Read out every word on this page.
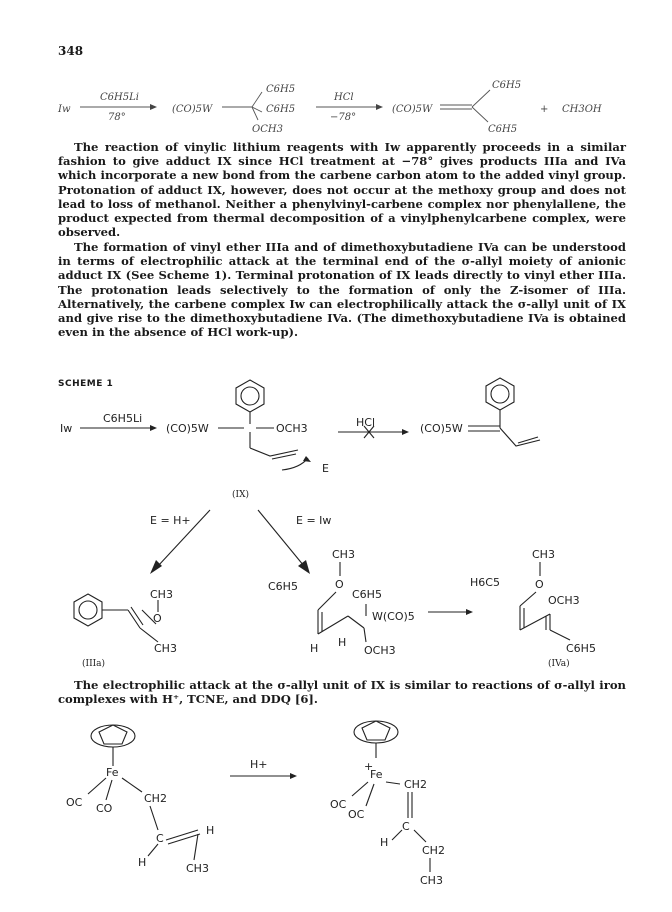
348
Iw
C6H5Li
78°
(CO)5W
C6H5
C6H5
OCH3
HCl
−78°
(CO)5W
C6H5
C6H5
+ CH3OH
Iw
C6H5Li
(CO)5W	OCH3
E
(IX)
HCl	(CO)5W
E = H+	E = Iw
CH3
O
CH3
(IIIa)
CH3
O
C6H5
C6H5
W(CO)5
H H
OCH3
CH3
O
H6C5
OCH3
C6H5
(IVa)
Fe
OC CO
CH2
C
H
H	CH3
H+	+
Fe
OC
OC
CH2
C
H
CH2
CH3
The reaction of vinylic lithium reagents with Iw apparently proceeds in a similar fashion to give adduct IX since HCl treatment at −78° gives products IIIa and IVa which incorporate a new bond from the carbene carbon atom to the added vinyl group. Protonation of adduct IX, however, does not occur at the methoxy group and does not lead to loss of methanol. Neither a phenylvinyl-carbene complex nor phenylallene, the product expected from thermal decomposition of a vinylphenylcarbene complex, were observed.
The formation of vinyl ether IIIa and of dimethoxybutadiene IVa can be understood in terms of electrophilic attack at the terminal end of the σ-allyl moiety of anionic adduct IX (See Scheme 1). Terminal protonation of IX leads directly to vinyl ether IIIa. The protonation leads selectively to the formation of only the Z-isomer of IIIa. Alternatively, the carbene complex Iw can electrophilically attack the σ-allyl unit of IX and give rise to the dimethoxybutadiene IVa. (The dimethoxybutadiene IVa is obtained even in the absence of HCl work-up).
SCHEME 1
The electrophilic attack at the σ-allyl unit of IX is similar to reactions of σ-allyl iron complexes with H⁺, TCNE, and DDQ [6].
